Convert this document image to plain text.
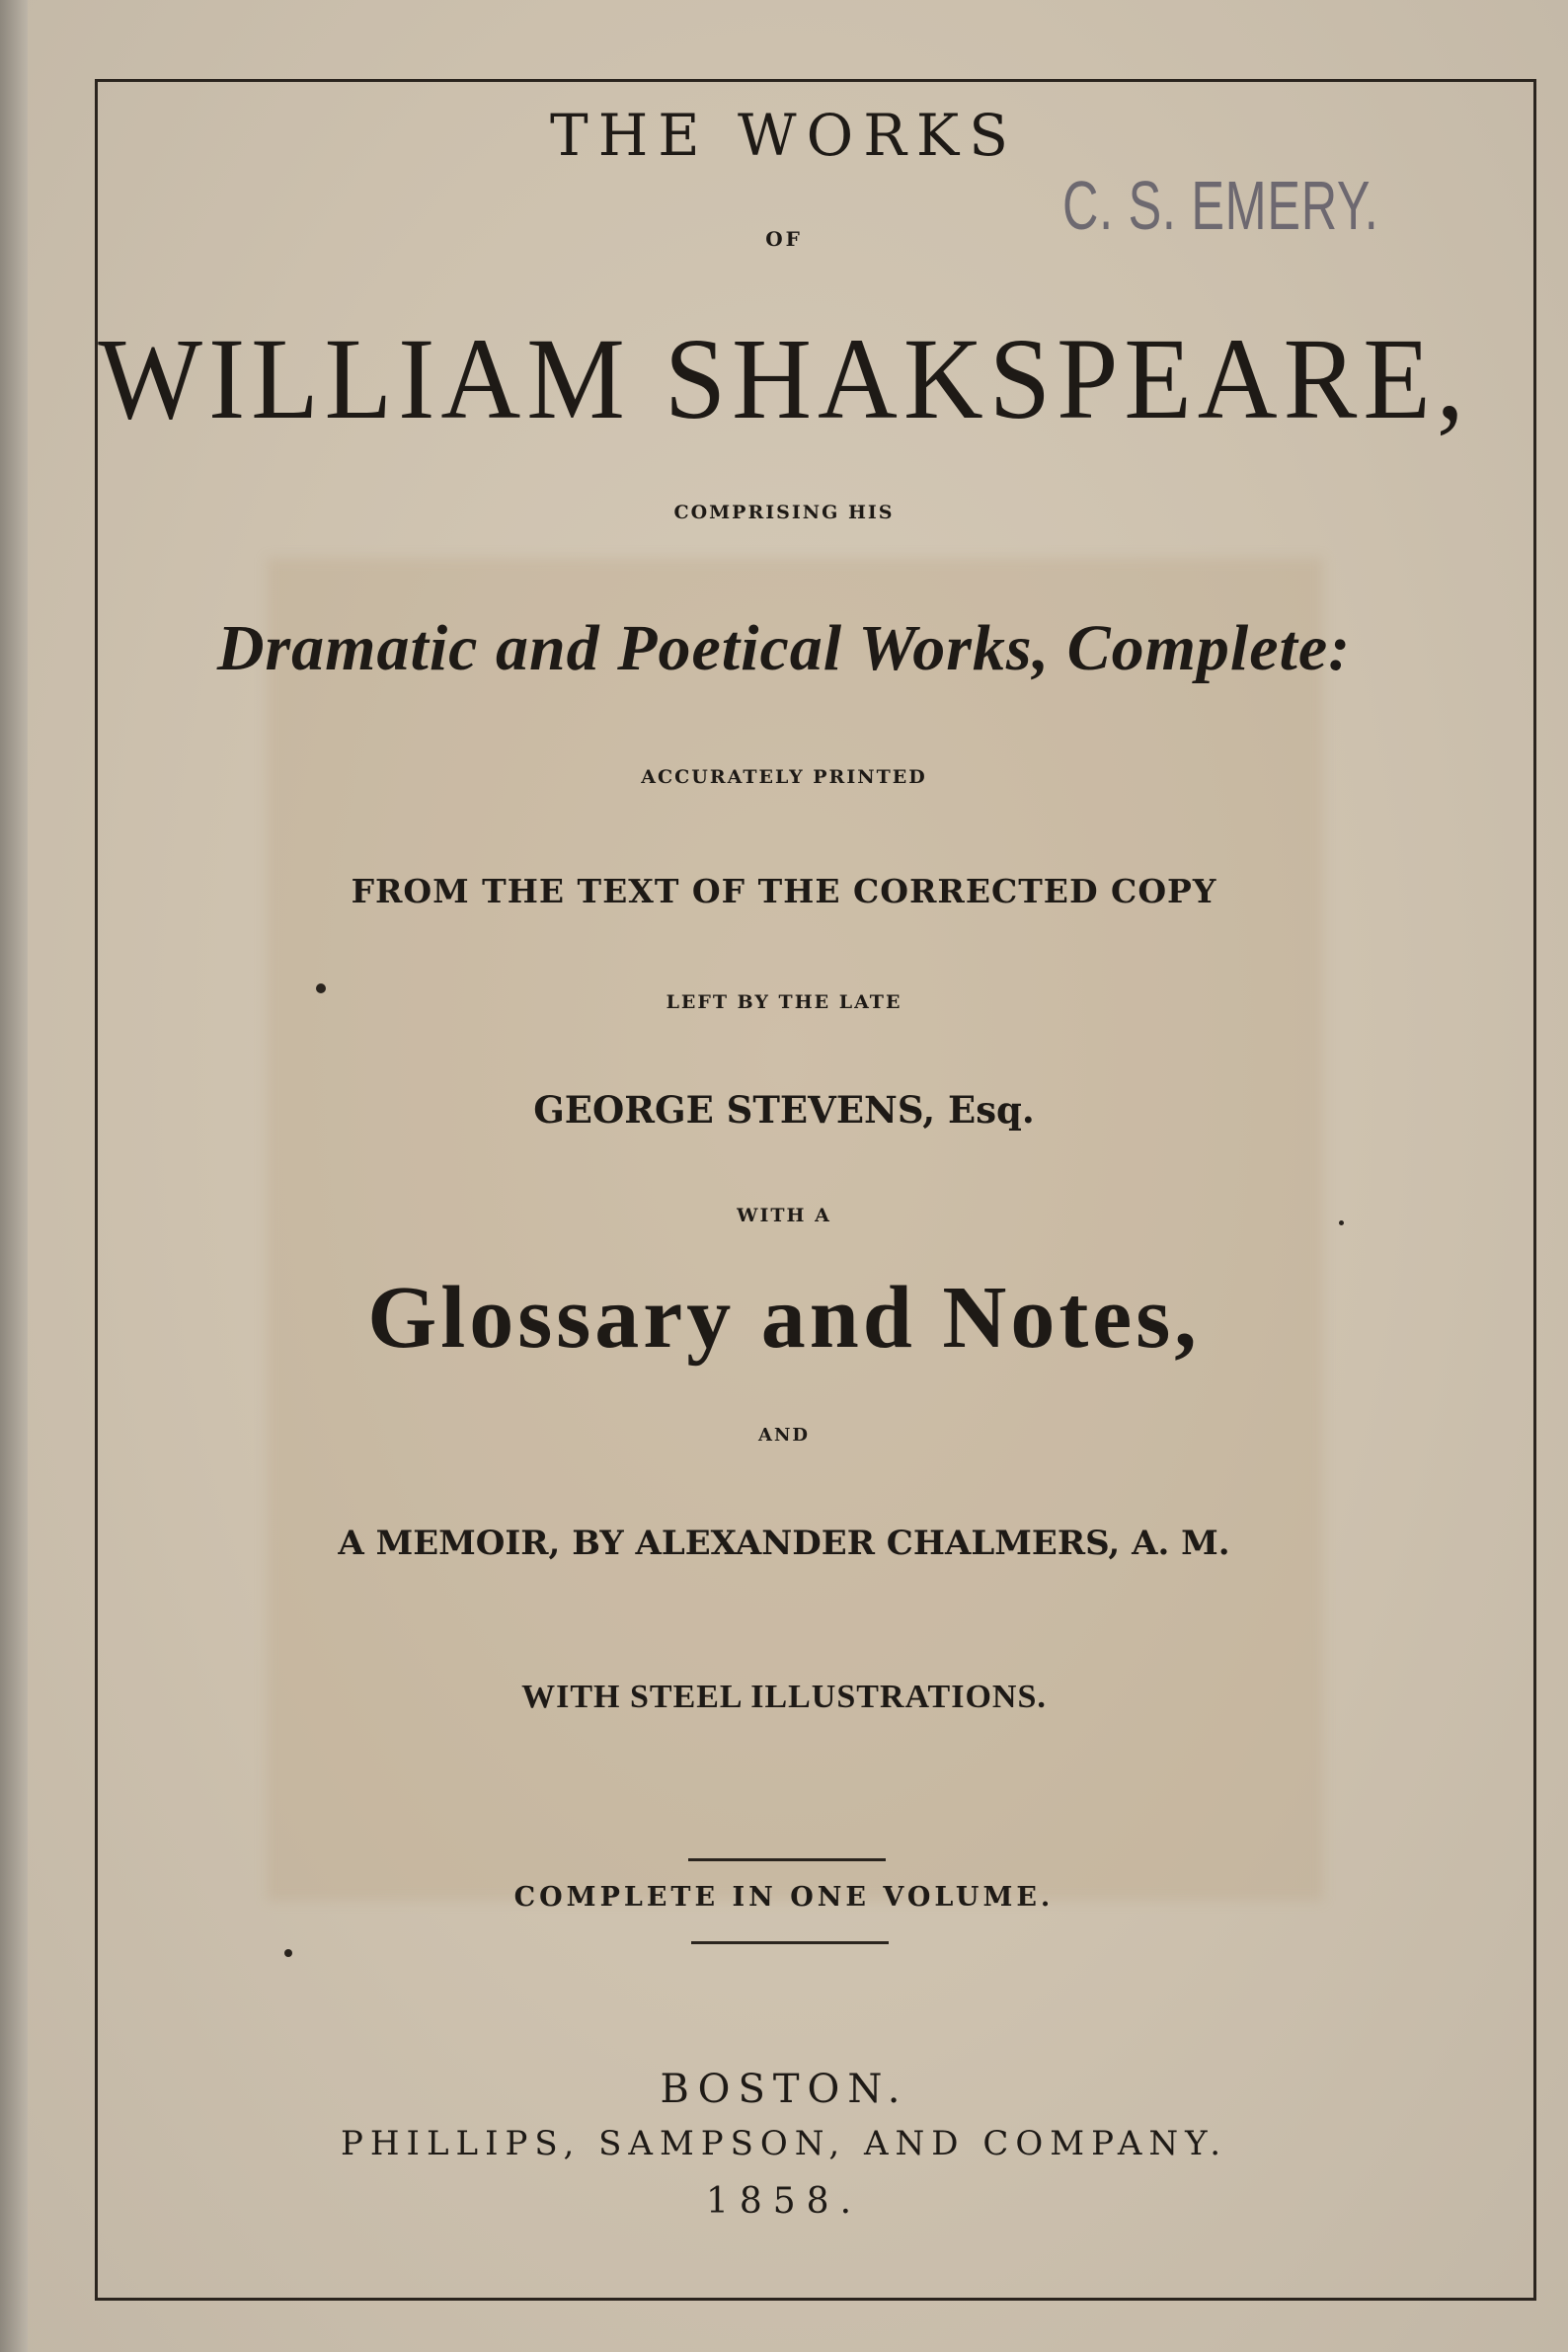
THE WORKS
OF
WILLIAM SHAKSPEARE,
COMPRISING HIS
Dramatic and Poetical Works, Complete:
ACCURATELY PRINTED
FROM THE TEXT OF THE CORRECTED COPY
LEFT BY THE LATE
GEORGE STEVENS, Esq.
WITH A
Glossary and Notes,
AND
A MEMOIR, BY ALEXANDER CHALMERS, A. M.
WITH STEEL ILLUSTRATIONS.
COMPLETE IN ONE VOLUME.
BOSTON.
PHILLIPS, SAMPSON, AND COMPANY.
1858.
C. S. EMERY.
